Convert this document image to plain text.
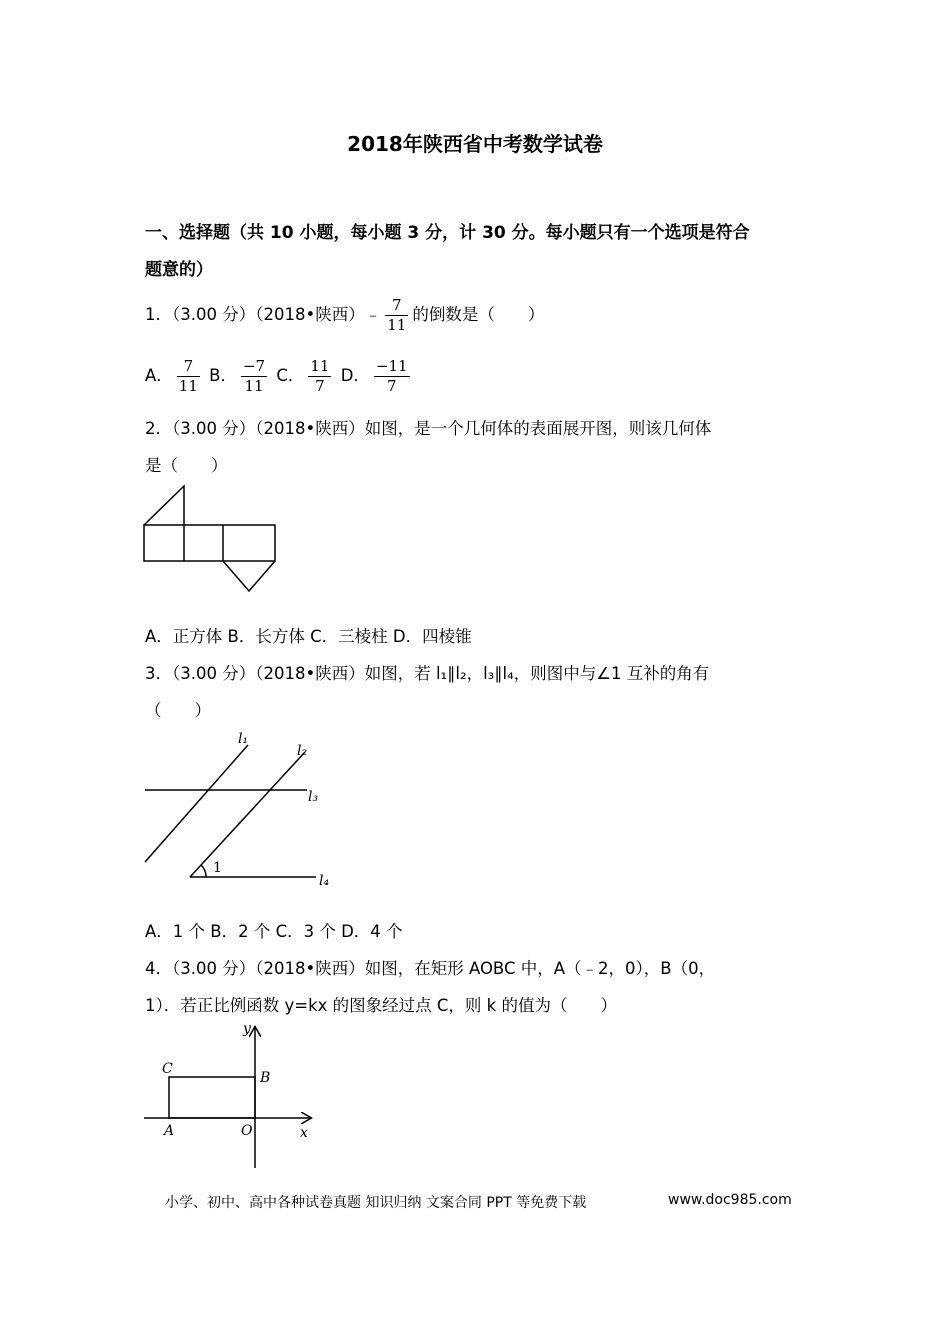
2018年陕西省中考数学试卷
一、选择题（共 10 小题，每小题 3 分，计 30 分。每小题只有一个选项是符合
题意的）
1．（3.00 分）（2018•陕西）﹣ $\frac{7}{11}$ 的倒数是（　　）
A． $\frac{7}{11}$ B． $\frac{-7}{11}$ C． $\frac{11}{7}$ D． $\frac{-11}{7}$
2．（3.00 分）（2018•陕西）如图，是一个几何体的表面展开图，则该几何体
是（　　）
A．正方体 B．长方体 C．三棱柱 D．四棱锥
3．（3.00 分）（2018•陕西）如图，若 l₁∥l₂，l₃∥l₄，则图中与∠1 互补的角有
（　　）
l₁
l₂
l₃
l₄
1
A．1 个 B．2 个 C．3 个 D．4 个
4．（3.00 分）（2018•陕西）如图，在矩形 AOBC 中，A（﹣2，0），B（0，
1）．若正比例函数 y=kx 的图象经过点 C，则 k 的值为（　　）
y
x
C
B
A	O
小学、初中、高中各种试卷真题 知识归纳 文案合同 PPT 等免费下载	www.doc985.com
